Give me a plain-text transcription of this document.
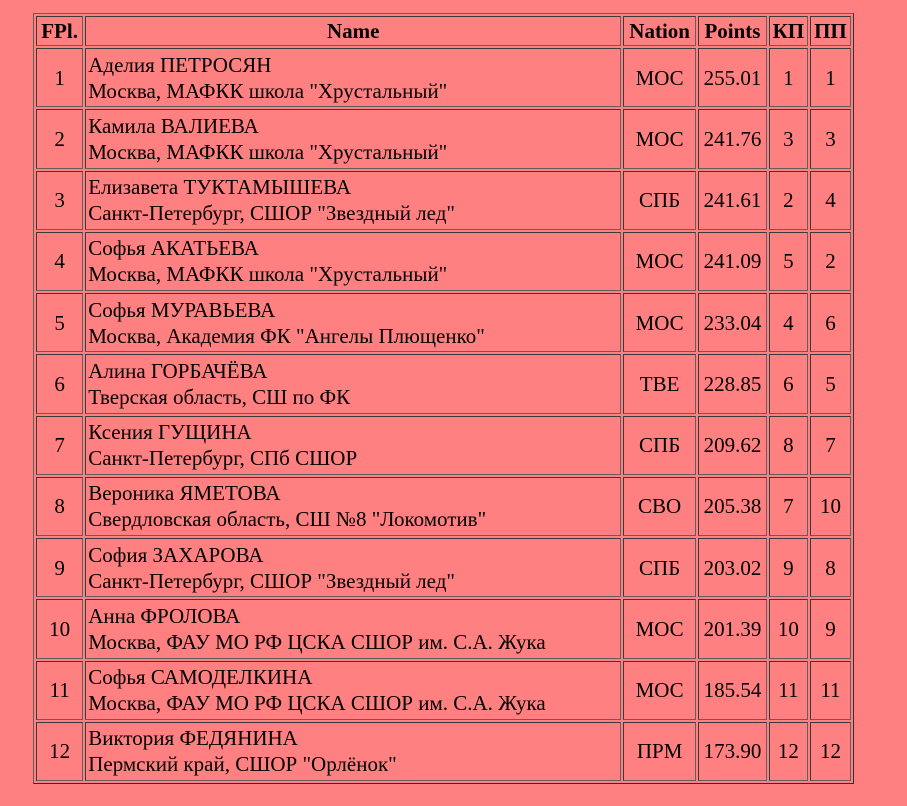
FPl.	Name	Nation	Points	КП	ПП
1	Аделия ПЕТРОСЯН
Москва, МАФКК школа "Хрустальный"	МОС	255.01	1	1
2	Камила ВАЛИЕВА
Москва, МАФКК школа "Хрустальный"	МОС	241.76	3	3
3	Елизавета ТУКТАМЫШЕВА
Санкт-Петербург, СШОР "Звездный лед"	СПБ	241.61	2	4
4	Софья АКАТЬЕВА
Москва, МАФКК школа "Хрустальный"	МОС	241.09	5	2
5	Софья МУРАВЬЕВА
Москва, Академия ФК "Ангелы Плющенко"	МОС	233.04	4	6
6	Алина ГОРБАЧЁВА
Тверская область, СШ по ФК	ТВЕ	228.85	6	5
7	Ксения ГУЩИНА
Санкт-Петербург, СПб СШОР	СПБ	209.62	8	7
8	Вероника ЯМЕТОВА
Свердловская область, СШ №8 "Локомотив"	СВО	205.38	7	10
9	София ЗАХАРОВА
Санкт-Петербург, СШОР "Звездный лед"	СПБ	203.02	9	8
10	Анна ФРОЛОВА
Москва, ФАУ МО РФ ЦСКА СШОР им. С.А. Жука	МОС	201.39	10	9
11	Софья САМОДЕЛКИНА
Москва, ФАУ МО РФ ЦСКА СШОР им. С.А. Жука	МОС	185.54	11	11
12	Виктория ФЕДЯНИНА
Пермский край, СШОР "Орлёнок"	ПРМ	173.90	12	12
